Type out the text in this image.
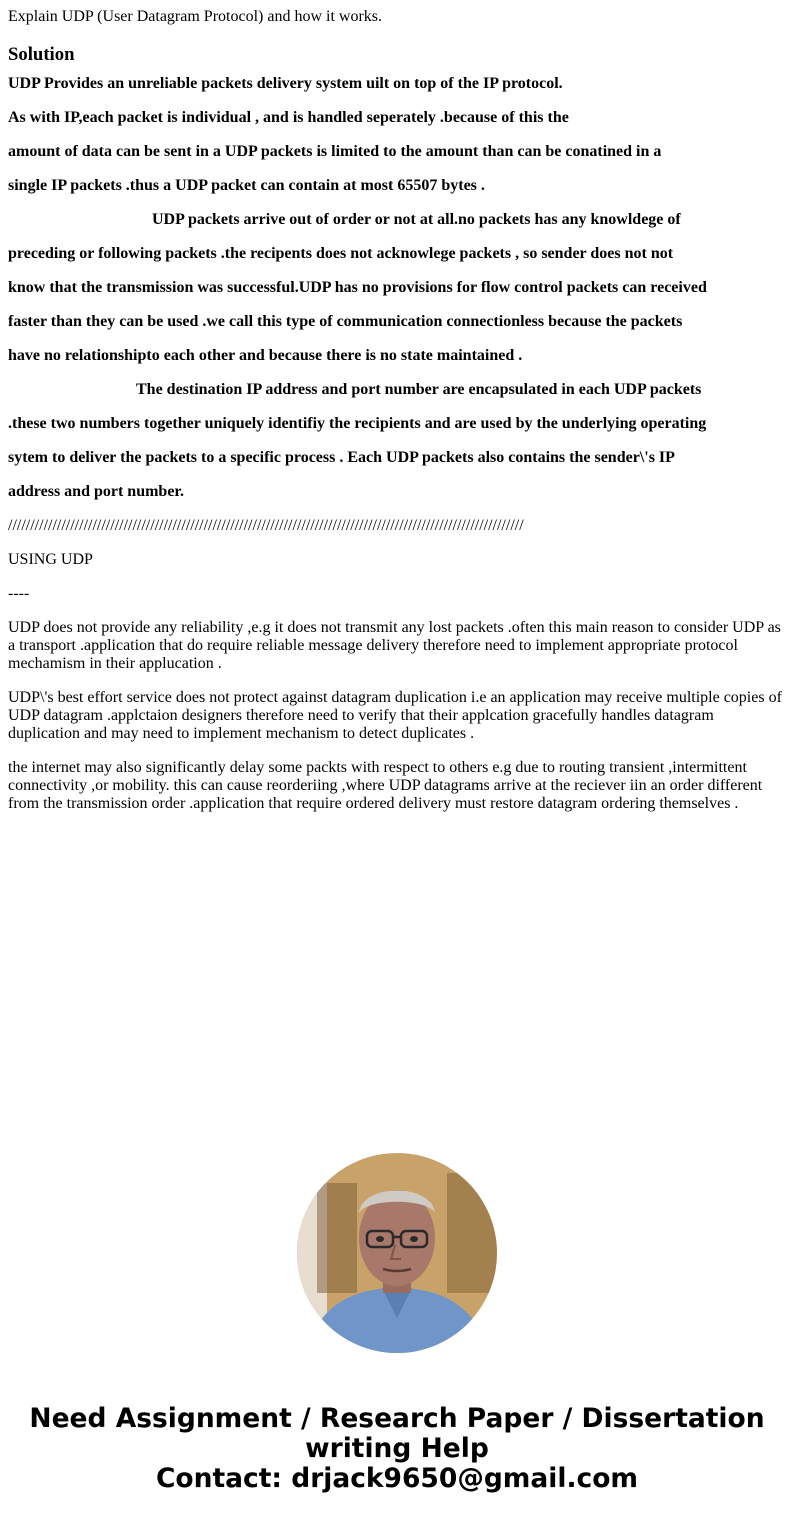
Explain UDP (User Datagram Protocol) and how it works.
Solution
UDP Provides an unreliable packets delivery system uilt on top of the IP protocol.
As with IP,each packet is individual , and is handled seperately .because of this the
amount of data can be sent in a UDP packets is limited to the amount than can be conatined in a
single IP packets .thus a UDP packet can contain at most 65507 bytes .
UDP packets arrive out of order or not at all.no packets has any knowldege of
preceding or following packets .the recipents does not acknowlege packets , so sender does not not
know that the transmission was successful.UDP has no provisions for flow control packets can received
faster than they can be used .we call this type of communication connectionless because the packets
have no relationshipto each other and because there is no state maintained .
The destination IP address and port number are encapsulated in each UDP packets
.these two numbers together uniquely identifiy the recipients and are used by the underlying operating
sytem to deliver the packets to a specific process . Each UDP packets also contains the sender\'s IP
address and port number.
////////////////////////////////////////////////////////////////////////////////////////////////////////////////////
USING UDP
----

UDP does not provide any reliability ,e.g it does not transmit any lost packets .often this main reason to consider UDP as a transport .application that do require reliable message delivery therefore need to implement appropriate protocol mechamism in their applucation .

UDP\'s best effort service does not protect against datagram duplication i.e an application may receive multiple copies of UDP datagram .applctaion designers therefore need to verify that their applcation gracefully handles datagram duplication and may need to implement mechanism to detect duplicates .

the internet may also significantly delay some packts with respect to others e.g due to routing transient ,intermittent connectivity ,or mobility. this can cause reorderiing ,where UDP datagrams arrive at the reciever iin an order different from the transmission order .application that require ordered delivery must restore datagram ordering themselves .

Need Assignment / Research Paper / Dissertation
writing Help
Contact: drjack9650@gmail.com
